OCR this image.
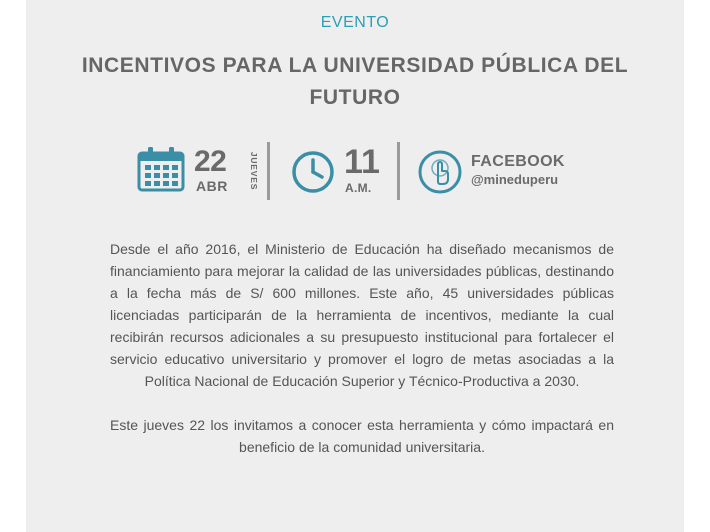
EVENTO
INCENTIVOS PARA LA UNIVERSIDAD PÚBLICA DEL FUTURO
22
ABR JUEVES	11
A.M.
FACEBOOK
@mineduperu

Desde el año 2016, el Ministerio de Educación ha diseñado mecanismos de financiamiento para mejorar la calidad de las universidades públicas, destinando a la fecha más de S/ 600 millones. Este año, 45 universidades públicas licenciadas participarán de la herramienta de incentivos, mediante la cual recibirán recursos adicionales a su presupuesto institucional para fortalecer el servicio educativo universitario y promover el logro de metas asociadas a la Política Nacional de Educación Superior y Técnico-Productiva a 2030.

Este jueves 22 los invitamos a conocer esta herramienta y cómo impactará en beneficio de la comunidad universitaria.
